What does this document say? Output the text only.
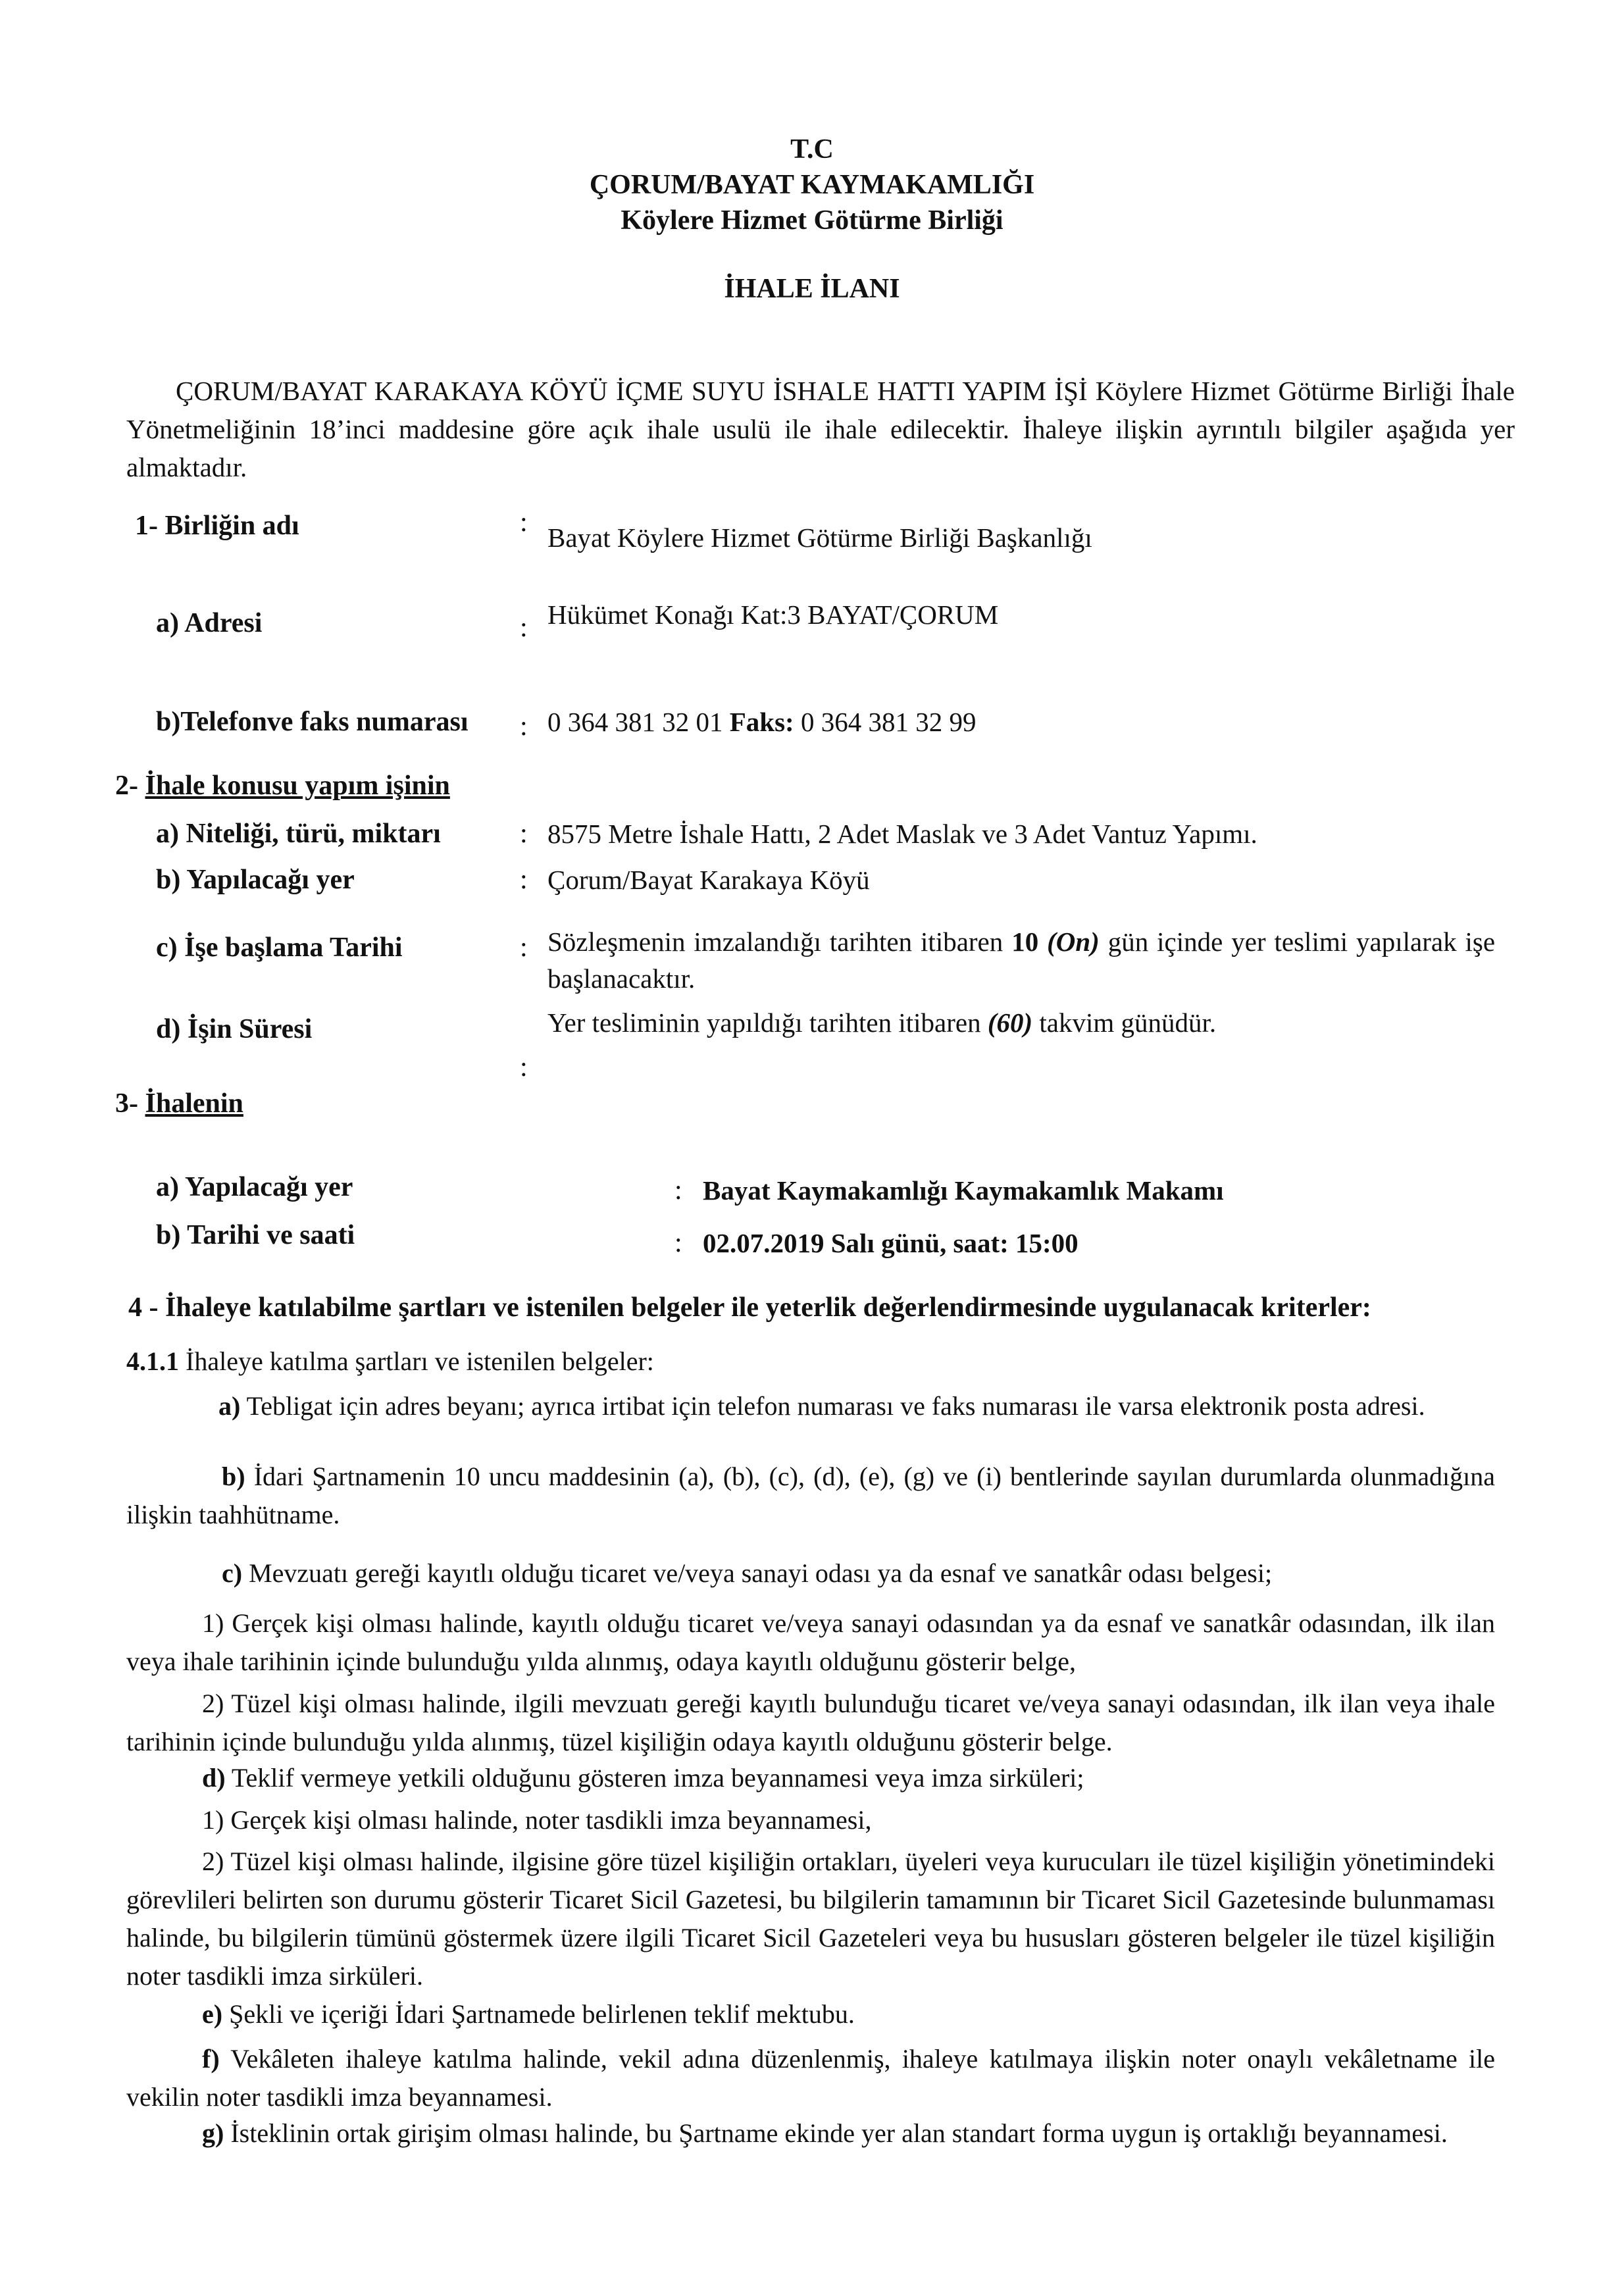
T.C
ÇORUM/BAYAT KAYMAKAMLIĞI
Köylere Hizmet Götürme Birliği
İHALE İLANI
ÇORUM/BAYAT KARAKAYA KÖYÜ İÇME SUYU İSHALE HATTI YAPIM İŞİ Köylere Hizmet Götürme Birliği İhale Yönetmeliğinin 18’inci maddesine göre açık ihale usulü ile ihale edilecektir. İhaleye ilişkin ayrıntılı bilgiler aşağıda yer almaktadır.
1- Birliğin adı	: Bayat Köylere Hizmet Götürme Birliği Başkanlığı
a) Adresi	: Hükümet Konağı Kat:3 BAYAT/ÇORUM
b)Telefonve faks numarası : 0 364 381 32 01 Faks: 0 364 381 32 99
2- İhale konusu yapım işinin
a) Niteliği, türü, miktarı	: 8575 Metre İshale Hattı, 2 Adet Maslak ve 3 Adet Vantuz Yapımı.
b) Yapılacağı yer	: Çorum/Bayat Karakaya Köyü
c) İşe başlama Tarihi	: Sözleşmenin imzalandığı tarihten itibaren 10 (On) gün içinde yer teslimi yapılarak işe başlanacaktır.
d) İşin Süresi	Yer tesliminin yapıldığı tarihten itibaren (60) takvim günüdür.
:
3- İhalenin
a) Yapılacağı yer	: Bayat Kaymakamlığı Kaymakamlık Makamı
b) Tarihi ve saati	: 02.07.2019 Salı günü, saat: 15:00
4 - İhaleye katılabilme şartları ve istenilen belgeler ile yeterlik değerlendirmesinde uygulanacak kriterler:
4.1.1 İhaleye katılma şartları ve istenilen belgeler:
a) Tebligat için adres beyanı; ayrıca irtibat için telefon numarası ve faks numarası ile varsa elektronik posta adresi.
b) İdari Şartnamenin 10 uncu maddesinin (a), (b), (c), (d), (e), (g) ve (i) bentlerinde sayılan durumlarda olunmadığına ilişkin taahhütname.
c) Mevzuatı gereği kayıtlı olduğu ticaret ve/veya sanayi odası ya da esnaf ve sanatkâr odası belgesi;
1) Gerçek kişi olması halinde, kayıtlı olduğu ticaret ve/veya sanayi odasından ya da esnaf ve sanatkâr odasından, ilk ilan veya ihale tarihinin içinde bulunduğu yılda alınmış, odaya kayıtlı olduğunu gösterir belge,
2) Tüzel kişi olması halinde, ilgili mevzuatı gereği kayıtlı bulunduğu ticaret ve/veya sanayi odasından, ilk ilan veya ihale tarihinin içinde bulunduğu yılda alınmış, tüzel kişiliğin odaya kayıtlı olduğunu gösterir belge.
d) Teklif vermeye yetkili olduğunu gösteren imza beyannamesi veya imza sirküleri;
1) Gerçek kişi olması halinde, noter tasdikli imza beyannamesi,
2) Tüzel kişi olması halinde, ilgisine göre tüzel kişiliğin ortakları, üyeleri veya kurucuları ile tüzel kişiliğin yönetimindeki görevlileri belirten son durumu gösterir Ticaret Sicil Gazetesi, bu bilgilerin tamamının bir Ticaret Sicil Gazetesinde bulunmaması halinde, bu bilgilerin tümünü göstermek üzere ilgili Ticaret Sicil Gazeteleri veya bu hususları gösteren belgeler ile tüzel kişiliğin noter tasdikli imza sirküleri.
e) Şekli ve içeriği İdari Şartnamede belirlenen teklif mektubu.
f) Vekâleten ihaleye katılma halinde, vekil adına düzenlenmiş, ihaleye katılmaya ilişkin noter onaylı vekâletname ile vekilin noter tasdikli imza beyannamesi.
g) İsteklinin ortak girişim olması halinde, bu Şartname ekinde yer alan standart forma uygun iş ortaklığı beyannamesi.
